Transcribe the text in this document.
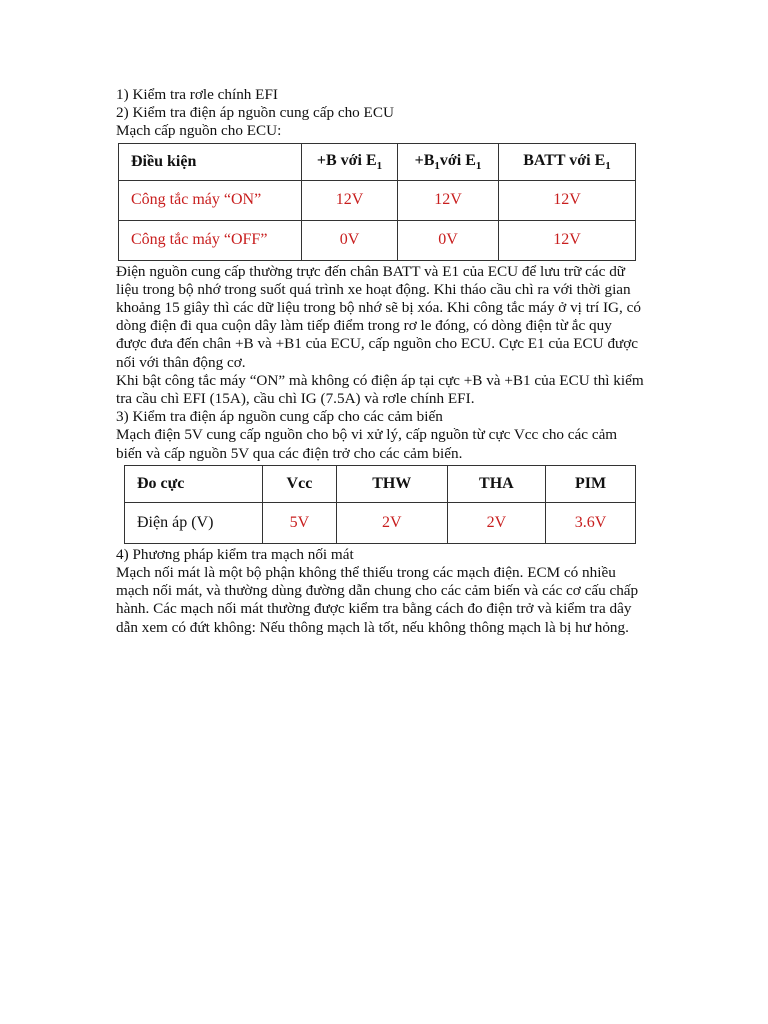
1) Kiểm tra rơle chính EFI
2) Kiểm tra điện áp nguồn cung cấp cho ECU
Mạch cấp nguồn cho ECU:
Điều kiện	+B với $E_1$	$+B_1với$ $E_1$	BATT với $E_1$
Công tắc máy “ON”	12V	12V	12V
Công tắc máy “OFF”	0V	0V	12V
Điện nguồn cung cấp thường trực đến chân BATT và E1 của ECU để lưu trữ các dữ liệu trong bộ nhớ trong suốt quá trình xe hoạt động. Khi tháo cầu chì ra với thời gian khoảng 15 giây thì các dữ liệu trong bộ nhớ sẽ bị xóa. Khi công tắc máy ở vị trí IG, có dòng điện đi qua cuộn dây làm tiếp điểm trong rơ le đóng, có dòng điện từ ắc quy được đưa đến chân +B và +B1 của ECU, cấp nguồn cho ECU. Cực E1 của ECU được nối với thân động cơ.
Khi bật công tắc máy “ON” mà không có điện áp tại cực +B và +B1 của ECU thì kiểm tra cầu chì EFI (15A), cầu chì IG (7.5A) và rơle chính EFI.
3) Kiểm tra điện áp nguồn cung cấp cho các cảm biến
Mạch điện 5V cung cấp nguồn cho bộ vi xử lý, cấp nguồn từ cực Vcc cho các cảm biến và cấp nguồn 5V qua các điện trở cho các cảm biến.
Đo cực	Vcc	THW	THA	PIM
Điện áp (V)	5V	2V	2V	3.6V
4) Phương pháp kiểm tra mạch nối mát
Mạch nối mát là một bộ phận không thể thiếu trong các mạch điện. ECM có nhiều mạch nối mát, và thường dùng đường dẫn chung cho các cảm biến và các cơ cấu chấp hành. Các mạch nối mát thường được kiểm tra bằng cách đo điện trở và kiểm tra dây dẫn xem có đứt không: Nếu thông mạch là tốt, nếu không thông mạch là bị hư hỏng.
